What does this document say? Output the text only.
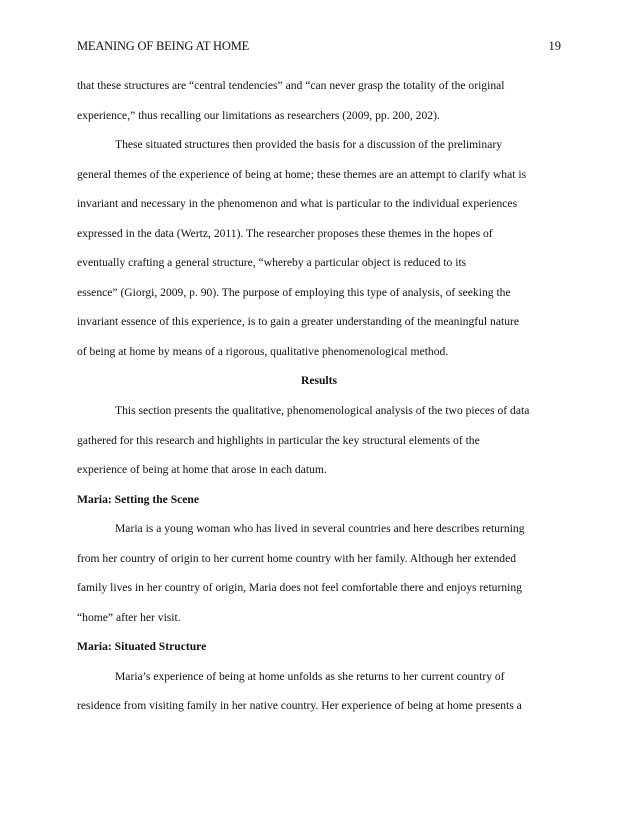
MEANING OF BEING AT HOME	19
that these structures are “central tendencies” and “can never grasp the totality of the original
experience,” thus recalling our limitations as researchers (2009, pp. 200, 202).
These situated structures then provided the basis for a discussion of the preliminary
general themes of the experience of being at home; these themes are an attempt to clarify what is
invariant and necessary in the phenomenon and what is particular to the individual experiences
expressed in the data (Wertz, 2011). The researcher proposes these themes in the hopes of
eventually crafting a general structure, “whereby a particular object is reduced to its
essence” (Giorgi, 2009, p. 90). The purpose of employing this type of analysis, of seeking the
invariant essence of this experience, is to gain a greater understanding of the meaningful nature
of being at home by means of a rigorous, qualitative phenomenological method.
Results
This section presents the qualitative, phenomenological analysis of the two pieces of data
gathered for this research and highlights in particular the key structural elements of the
experience of being at home that arose in each datum.
Maria: Setting the Scene
Maria is a young woman who has lived in several countries and here describes returning
from her country of origin to her current home country with her family. Although her extended
family lives in her country of origin, Maria does not feel comfortable there and enjoys returning
“home” after her visit.
Maria: Situated Structure
Maria’s experience of being at home unfolds as she returns to her current country of
residence from visiting family in her native country. Her experience of being at home presents a
